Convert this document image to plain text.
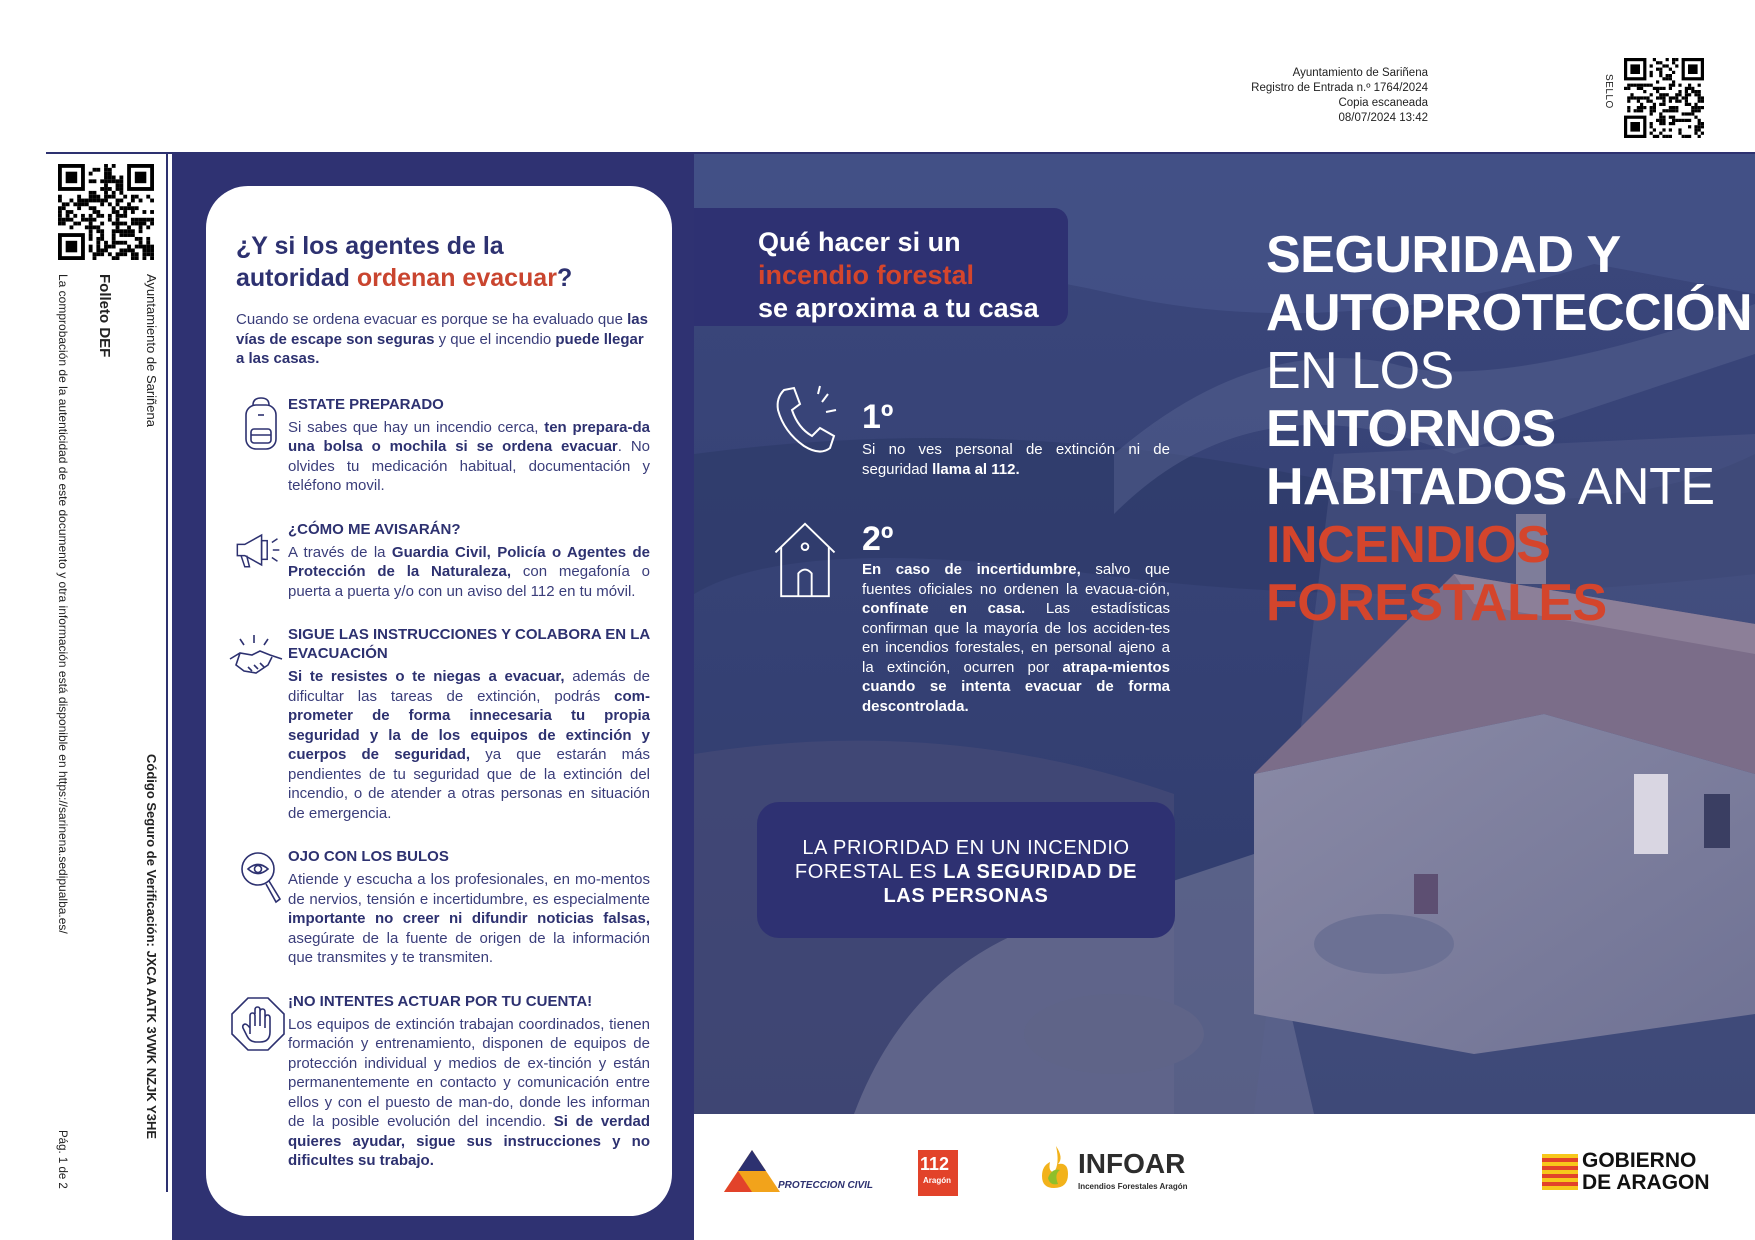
Ayuntamiento de Sariñena
Registro de Entrada n.º 1764/2024
Copia escaneada
08/07/2024 13:42
SELLO
Ayuntamiento de Sariñena
Folleto DEF
La comprobación de la autenticidad de este documento y otra información está disponible en https://sarinena.sedipualba.es/
Código Seguro de Verificación: JXCA AATK 3VWK NZJK Y3HE
Pág. 1 de 2
¿Y si los agentes de la
autoridad ordenan evacuar?

Cuando se ordena evacuar es porque se ha evaluado que las vías de escape son seguras y que el incendio puede llegar a las casas.

ESTATE PREPARADO
Si sabes que hay un incendio cerca, ten prepara-da una bolsa o mochila si se ordena evacuar. No olvides tu medicación habitual, documentación y teléfono movil.
¿CÓMO ME AVISARÁN?
A través de la Guardia Civil, Policía o Agentes de Protección de la Naturaleza, con megafonía o puerta a puerta y/o con un aviso del 112 en tu móvil.
SIGUE LAS INSTRUCCIONES Y COLABORA EN LA EVACUACIÓN
Si te resistes o te niegas a evacuar, además de dificultar las tareas de extinción, podrás com-prometer de forma innecesaria tu propia seguridad y la de los equipos de extinción y cuerpos de seguridad, ya que estarán más pendientes de tu seguridad que de la extinción del incendio, o de atender a otras personas en situación de emergencia.
OJO CON LOS BULOS
Atiende y escucha a los profesionales, en mo-mentos de nervios, tensión e incertidumbre, es especialmente importante no creer ni difundir noticias falsas, asegúrate de la fuente de origen de la información que transmites y te transmiten.
¡NO INTENTES ACTUAR POR TU CUENTA!
Los equipos de extinción trabajan coordinados, tienen formación y entrenamiento, disponen de equipos de protección individual y medios de ex-tinción y están permanentemente en contacto y comunicación entre ellos y con el puesto de man-do, donde les informan de la posible evolución del incendio. Si de verdad quieres ayudar, sigue sus instrucciones y no dificultes su trabajo.
Qué hacer si un
incendio forestal
se aproxima a tu casa
SEGURIDAD Y
AUTOPROTECCIÓN
EN LOS ENTORNOS
HABITADOS ANTE
INCENDIOS
FORESTALES
1º
Si no ves personal de extinción ni de seguridad llama al 112.
2º
En caso de incertidumbre, salvo que fuentes oficiales no ordenen la evacua-ción, confínate en casa. Las estadísticas confirman que la mayoría de los acciden-tes en incendios forestales, en personal ajeno a la extinción, ocurren por atrapa-mientos cuando se intenta evacuar de forma descontrolada.
LA PRIORIDAD EN UN INCENDIO
FORESTAL ES LA SEGURIDAD DE
LAS PERSONAS
PROTECCION CIVIL
112
Aragón
INFOAR
Incendios Forestales Aragón
GOBIERNO
DE ARAGON
